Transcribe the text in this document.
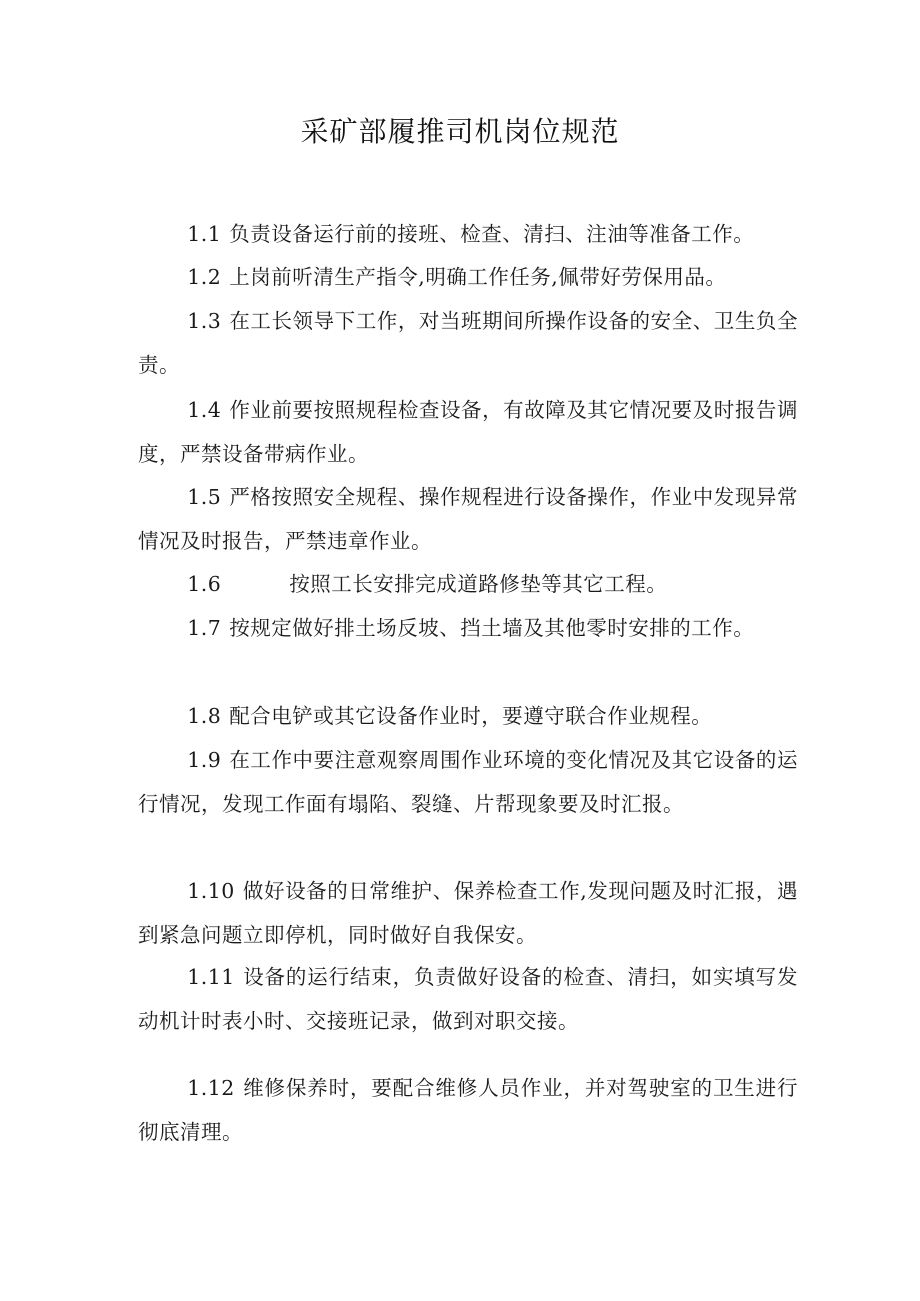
采矿部履推司机岗位规范

1.1 负责设备运行前的接班、检查、清扫、注油等准备工作。

1.2 上岗前听清生产指令,明确工作任务,佩带好劳保用品。

1.3 在工长领导下工作，对当班期间所操作设备的安全、卫生负全责。

1.4 作业前要按照规程检查设备，有故障及其它情况要及时报告调度，严禁设备带病作业。

1.5 严格按照安全规程、操作规程进行设备操作，作业中发现异常情况及时报告，严禁违章作业。

1.6	按照工长安排完成道路修垫等其它工程。

1.7 按规定做好排土场反坡、挡土墙及其他零时安排的工作。

1.8 配合电铲或其它设备作业时，要遵守联合作业规程。

1.9 在工作中要注意观察周围作业环境的变化情况及其它设备的运行情况，发现工作面有塌陷、裂缝、片帮现象要及时汇报。

1.10 做好设备的日常维护、保养检查工作,发现问题及时汇报，遇到紧急问题立即停机，同时做好自我保安。

1.11 设备的运行结束，负责做好设备的检查、清扫，如实填写发动机计时表小时、交接班记录，做到对职交接。

1.12 维修保养时，要配合维修人员作业，并对驾驶室的卫生进行彻底清理。
